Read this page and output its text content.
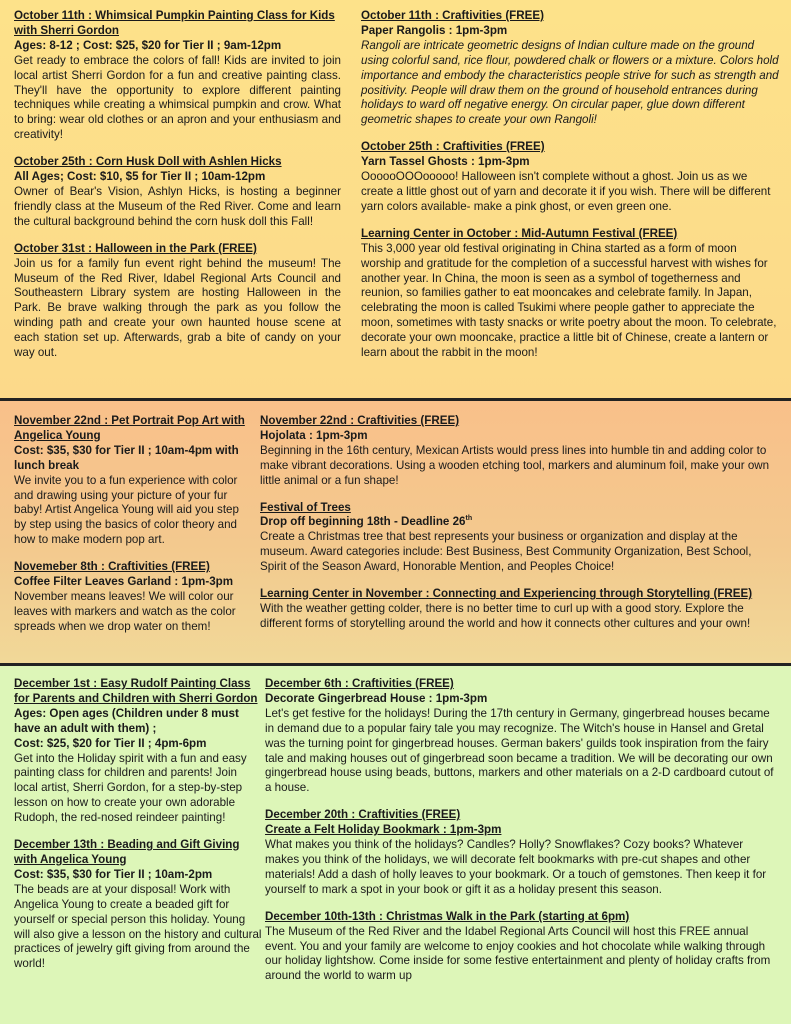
October 11th : Whimsical Pumpkin Painting Class for Kids with Sherri Gordon

Ages: 8-12 ; Cost: $25, $20 for Tier II ; 9am-12pm

Get ready to embrace the colors of fall! Kids are invited to join local artist Sherri Gordon for a fun and creative painting class. They'll have the opportunity to explore different painting techniques while creating a whimsical pumpkin and crow. What to bring: wear old clothes or an apron and your enthusiasm and creativity!

October 25th : Corn Husk Doll with Ashlen Hicks

All Ages; Cost: $10, $5 for Tier II ; 10am-12pm

Owner of Bear's Vision, Ashlyn Hicks, is hosting a beginner friendly class at the Museum of the Red River. Come and learn the cultural background behind the corn husk doll this Fall!

October 31st : Halloween in the Park (FREE)

Join us for a family fun event right behind the museum! The Museum of the Red River, Idabel Regional Arts Council and Southeastern Library system are hosting Halloween in the Park. Be brave walking through the park as you follow the winding path and create your own haunted house scene at each station set up. Afterwards, grab a bite of candy on your way out.

October 11th : Craftivities (FREE)

Paper Rangolis : 1pm-3pm

Rangoli are intricate geometric designs of Indian culture made on the ground using colorful sand, rice flour, powdered chalk or flowers or a mixture. Colors hold importance and embody the characteristics people strive for such as strength and positivity. People will draw them on the ground of household entrances during holidays to ward off negative energy. On circular paper, glue down different geometric shapes to create your own Rangoli!

October 25th : Craftivities (FREE)

Yarn Tassel Ghosts : 1pm-3pm

OooooOOOooooo! Halloween isn't complete without a ghost. Join us as we create a little ghost out of yarn and decorate it if you wish. There will be different yarn colors available- make a pink ghost, or even green one.

Learning Center in October : Mid-Autumn Festival (FREE)

This 3,000 year old festival originating in China started as a form of moon worship and gratitude for the completion of a successful harvest with wishes for another year. In China, the moon is seen as a symbol of togetherness and reunion, so families gather to eat mooncakes and celebrate family. In Japan, celebrating the moon is called Tsukimi where people gather to appreciate the moon, sometimes with tasty snacks or write poetry about the moon. To celebrate, decorate your own mooncake, practice a little bit of Chinese, create a lantern or learn about the rabbit in the moon!

November 22nd : Pet Portrait Pop Art with Angelica Young

Cost: $35, $30 for Tier II ; 10am-4pm with lunch break

We invite you to a fun experience with color and drawing using your picture of your fur baby! Artist Angelica Young will aid you step by step using the basics of color theory and how to make modern pop art.

Novemeber 8th : Craftivities (FREE)

Coffee Filter Leaves Garland : 1pm-3pm

November means leaves! We will color our leaves with markers and watch as the color spreads when we drop water on them!

November 22nd : Craftivities (FREE)

Hojolata : 1pm-3pm

Beginning in the 16th century, Mexican Artists would press lines into humble tin and adding color to make vibrant decorations. Using a wooden etching tool, markers and aluminum foil, make your own little animal or a fun shape!

Festival of Trees

Drop off beginning 18th - Deadline 26th

Create a Christmas tree that best represents your business or organization and display at the museum. Award categories include: Best Business, Best Community Organization, Best School, Spirit of the Season Award, Honorable Mention, and Peoples Choice!

Learning Center in November : Connecting and Experiencing through Storytelling (FREE)

With the weather getting colder, there is no better time to curl up with a good story. Explore the different forms of storytelling around the world and how it connects other cultures and your own!

December 1st : Easy Rudolf Painting Class for Parents and Children with Sherri Gordon

Ages: Open ages (Children under 8 must have an adult with them) ;

Cost: $25, $20 for Tier II ; 4pm-6pm

Get into the Holiday spirit with a fun and easy painting class for children and parents! Join local artist, Sherri Gordon, for a step-by-step lesson on how to create your own adorable Rudoph, the red-nosed reindeer painting!

December 13th : Beading and Gift Giving with Angelica Young

Cost: $35, $30 for Tier II ; 10am-2pm

The beads are at your disposal! Work with Angelica Young to create a beaded gift for yourself or special person this holiday. Young will also give a lesson on the history and cultural practices of jewelry gift giving from around the world!

December 6th : Craftivities (FREE)

Decorate Gingerbread House : 1pm-3pm

Let's get festive for the holidays! During the 17th century in Germany, gingerbread houses became in demand due to a popular fairy tale you may recognize. The Witch's house in Hansel and Gretal was the turning point for gingerbread houses. German bakers' guilds took inspiration from the fairy tale and making houses out of gingerbread soon became a tradition. We will be decorating our own gingerbread house using beads, buttons, markers and other materials on a 2-D cardboard cutout of a house.

December 20th : Craftivities (FREE)

Create a Felt Holiday Bookmark : 1pm-3pm

What makes you think of the holidays? Candles? Holly? Snowflakes? Cozy books? Whatever makes you think of the holidays, we will decorate felt bookmarks with pre-cut shapes and other materials! Add a dash of holly leaves to your bookmark. Or a touch of gemstones. Then keep it for yourself to mark a spot in your book or gift it as a holiday present this season.

December 10th-13th : Christmas Walk in the Park (starting at 6pm)

The Museum of the Red River and the Idabel Regional Arts Council will host this FREE annual event. You and your family are welcome to enjoy cookies and hot chocolate while walking through our holiday lightshow. Come inside for some festive entertainment and plenty of holiday crafts from around the world to warm up
